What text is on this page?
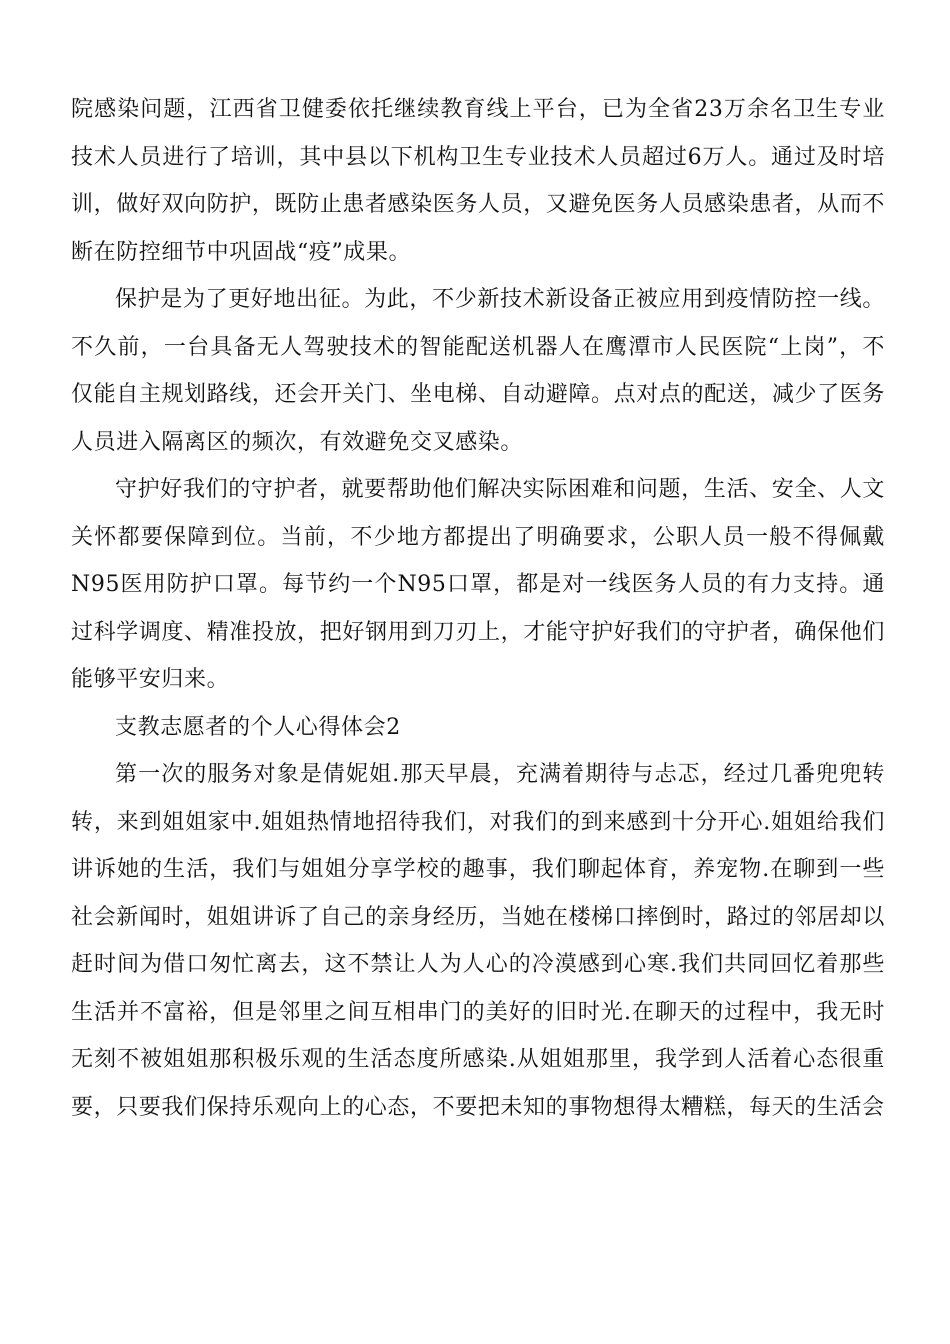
院感染问题，江西省卫健委依托继续教育线上平台，已为全省23万余名卫生专业技术人员进行了培训，其中县以下机构卫生专业技术人员超过6万人。通过及时培训，做好双向防护，既防止患者感染医务人员，又避免医务人员感染患者，从而不断在防控细节中巩固战“疫”成果。

保护是为了更好地出征。为此，不少新技术新设备正被应用到疫情防控一线。不久前，一台具备无人驾驶技术的智能配送机器人在鹰潭市人民医院“上岗”，不仅能自主规划路线，还会开关门、坐电梯、自动避障。点对点的配送，减少了医务人员进入隔离区的频次，有效避免交叉感染。

守护好我们的守护者，就要帮助他们解决实际困难和问题，生活、安全、人文关怀都要保障到位。当前，不少地方都提出了明确要求，公职人员一般不得佩戴N95医用防护口罩。每节约一个N95口罩，都是对一线医务人员的有力支持。通过科学调度、精准投放，把好钢用到刀刃上，才能守护好我们的守护者，确保他们能够平安归来。

支教志愿者的个人心得体会2

第一次的服务对象是倩妮姐.那天早晨，充满着期待与忐忑，经过几番兜兜转转，来到姐姐家中.姐姐热情地招待我们，对我们的到来感到十分开心.姐姐给我们讲诉她的生活，我们与姐姐分享学校的趣事，我们聊起体育，养宠物.在聊到一些社会新闻时，姐姐讲诉了自己的亲身经历，当她在楼梯口摔倒时，路过的邻居却以赶时间为借口匆忙离去，这不禁让人为人心的冷漠感到心寒.我们共同回忆着那些生活并不富裕，但是邻里之间互相串门的美好的旧时光.在聊天的过程中，我无时无刻不被姐姐那积极乐观的生活态度所感染.从姐姐那里，我学到人活着心态很重要，只要我们保持乐观向上的心态，不要把未知的事物想得太糟糕，每天的生活会
